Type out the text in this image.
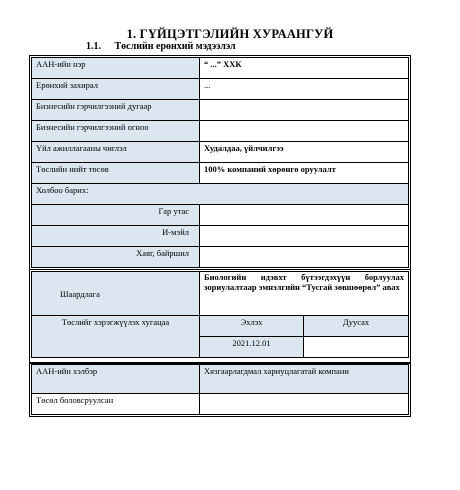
1. ГҮЙЦЭТГЭЛИЙН ХУРААНГУЙ
1.1. Төслийн ерөнхий мэдээлэл
ААН-ийн нэр	“ ...” ХХК
Ерөнхий захирал	...
Бизнесийн гэрчилгээний дугаар	
Бизнесийн гэрчилгээний огноо	
Үйл ажиллагааны чиглэл	Худалдаа, үйлчилгээ
Төслийн нийт төсөв	100% компаний хөрөнгө оруулалт
Холбоо барих:	
Гар утас	
И-мэйл	
Хаяг, байршил	
Шаардлага	Биологийн идэвхт бүтээгдэхүүн борлуулах зориулалтаар эмнэлгийн “Тусгай зөвшөөрөл” авах	
Төслийг хэрэгжүүлэх хугацаа	Эхлэх	Дуусах
	2021.12.01	
ААН-ийн хэлбэр	Хязгаарлагдмал хариуцлагатай компани
Төсөл боловсруулсан	
